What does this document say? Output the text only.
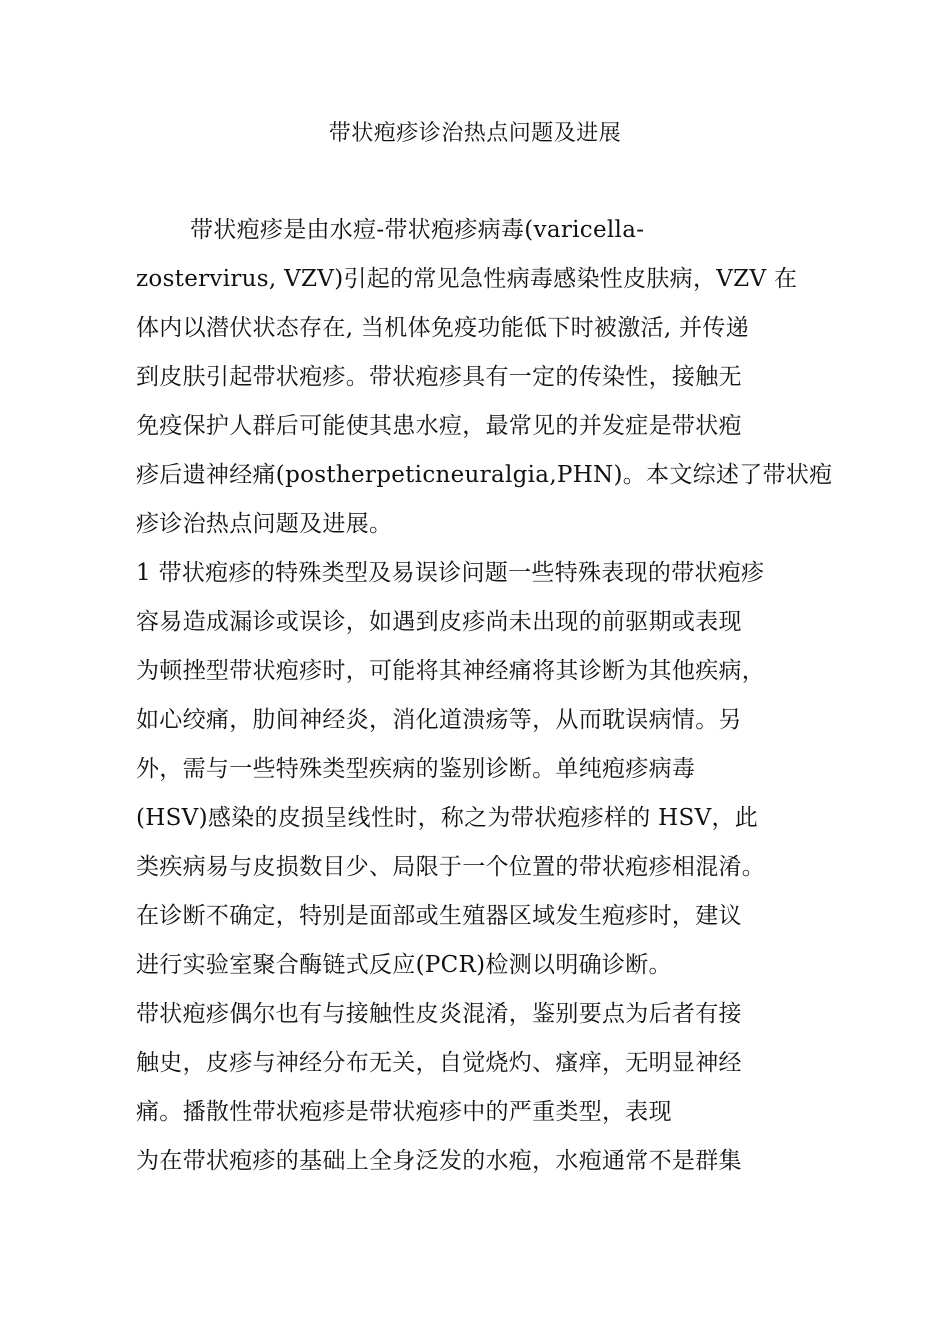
带状疱疹诊治热点问题及进展
带状疱疹是由水痘-带状疱疹病毒(varicella-
zostervirus, VZV)引起的常见急性病毒感染性皮肤病，VZV 在
体内以潜伏状态存在, 当机体免疫功能低下时被激活, 并传递
到皮肤引起带状疱疹。带状疱疹具有一定的传染性，接触无
免疫保护人群后可能使其患水痘，最常见的并发症是带状疱
疹后遗神经痛(postherpeticneuralgia,PHN)。本文综述了带状疱
疹诊治热点问题及进展。
1 带状疱疹的特殊类型及易误诊问题一些特殊表现的带状疱疹
容易造成漏诊或误诊，如遇到皮疹尚未出现的前驱期或表现
为顿挫型带状疱疹时，可能将其神经痛将其诊断为其他疾病，
如心绞痛，肋间神经炎，消化道溃疡等，从而耽误病情。另
外，需与一些特殊类型疾病的鉴别诊断。单纯疱疹病毒
(HSV)感染的皮损呈线性时，称之为带状疱疹样的 HSV，此
类疾病易与皮损数目少、局限于一个位置的带状疱疹相混淆。
在诊断不确定，特别是面部或生殖器区域发生疱疹时，建议
进行实验室聚合酶链式反应(PCR)检测以明确诊断。
带状疱疹偶尔也有与接触性皮炎混淆，鉴别要点为后者有接
触史，皮疹与神经分布无关，自觉烧灼、瘙痒，无明显神经
痛。播散性带状疱疹是带状疱疹中的严重类型，表现
为在带状疱疹的基础上全身泛发的水疱，水疱通常不是群集
